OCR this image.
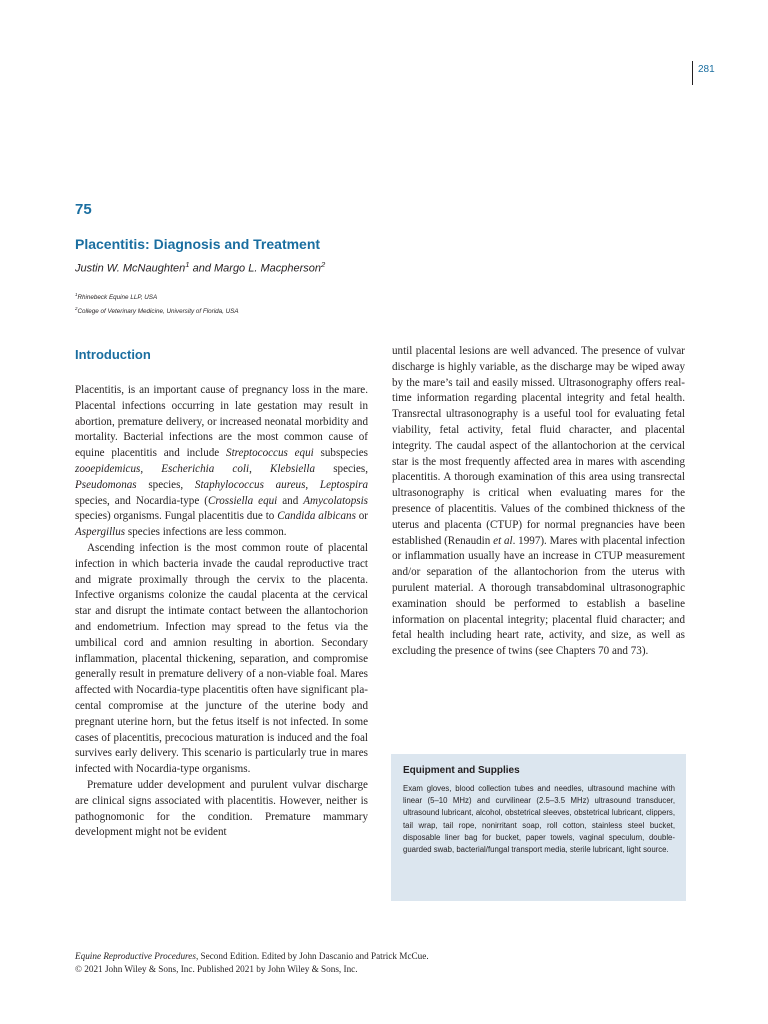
281
75
Placentitis: Diagnosis and Treatment
Justin W. McNaughten$^1$ and Margo L. Macpherson$^2$
$^1$Rhinebeck Equine LLP, USA
$^2$College of Veterinary Medicine, University of Florida, USA
Introduction

Placentitis, is an important cause of pregnancy loss in the mare. Placental infections occurring in late gestation may result in abortion, premature delivery, or increased neonatal morbidity and mortality. Bacterial infections are the most common cause of equine placentitis and include Streptococcus equi subspecies zooepidemicus, Escherichia coli, Klebsiella species, Pseudomonas species, Staphylococcus aureus, Leptospira species, and Nocardia‐type (Crossiella equi and Amycolatopsis species) organisms. Fungal placentitis due to Candida albicans or Aspergillus species infections are less common.

Ascending infection is the most common route of placental infection in which bacteria invade the caudal reproductive tract and migrate proximally through the cervix to the placenta. Infective organisms colonize the caudal placenta at the cervical star and disrupt the intimate contact between the allantochorion and endometrium. Infection may spread to the fetus via the umbilical cord and amnion resulting in abortion. Secondary inflammation, placental thickening, separation, and compromise generally result in premature delivery of a non‐viable foal. Mares affected with Nocardia‐type placentitis often have significant placental compromise at the juncture of the uterine body and pregnant uterine horn, but the fetus itself is not infected. In some cases of placentitis, precocious maturation is induced and the foal survives early delivery. This scenario is particularly true in mares infected with Nocardia‐type organisms.

Premature udder development and purulent vulvar discharge are clinical signs associated with placentitis. However, neither is pathognomonic for the condition. Premature mammary development might not be evident

until placental lesions are well advanced. The presence of vulvar discharge is highly variable, as the discharge may be wiped away by the mare’s tail and easily missed. Ultrasonography offers real‐time information regarding placental integrity and fetal health. Transrectal ultrasonography is a useful tool for evaluating fetal viability, fetal activity, fetal fluid character, and placental integrity. The caudal aspect of the allantochorion at the cervical star is the most frequently affected area in mares with ascending placentitis. A thorough examination of this area using transrectal ultrasonography is critical when evaluating mares for the presence of placentitis. Values of the combined thickness of the uterus and placenta (CTUP) for normal pregnancies have been established (Renaudin et al. 1997). Mares with placental infection or inflammation usually have an increase in CTUP measurement and/or separation of the allantochorion from the uterus with purulent material. A thorough transabdominal ultrasonographic examination should be performed to establish a baseline information on placental integrity; placental fluid character; and fetal health including heart rate, activity, and size, as well as excluding the presence of twins (see Chapters 70 and 73).

Equipment and Supplies
Exam gloves, blood collection tubes and needles, ultrasound machine with linear (5–10 MHz) and curvilinear (2.5–3.5 MHz) ultrasound transducer, ultrasound lubricant, alcohol, obstetrical sleeves, obstetrical lubricant, clippers, tail wrap, tail rope, nonirritant soap, roll cotton, stainless steel bucket, disposable liner bag for bucket, paper towels, vaginal speculum, doubleguarded swab, bacterial/fungal transport media, sterile lubricant, light source.
Equine Reproductive Procedures, Second Edition. Edited by John Dascanio and Patrick McCue.
© 2021 John Wiley & Sons, Inc. Published 2021 by John Wiley & Sons, Inc.
